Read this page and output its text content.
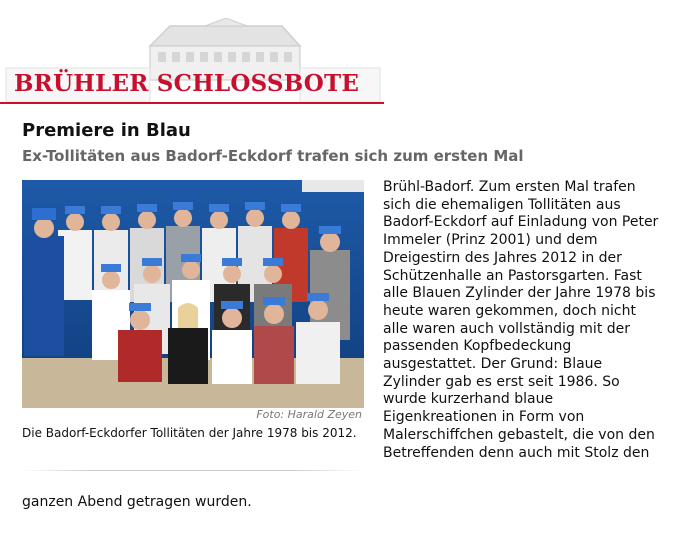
BRÜHLER SCHLOSSBOTE
Premiere in Blau
Ex-Tollitäten aus Badorf-Eckdorf trafen sich zum ersten Mal
Foto: Harald Zeyen
Die Badorf-Eckdorfer Tollitäten der Jahre 1978 bis 2012.
Brühl-Badorf. Zum ersten Mal trafen
sich die ehemaligen Tollitäten aus
Badorf-Eckdorf auf Einladung von Peter
Immeler (Prinz 2001) und dem
Dreigestirn des Jahres 2012 in der
Schützenhalle an Pastorsgarten. Fast
alle Blauen Zylinder der Jahre 1978 bis
heute waren gekommen, doch nicht
alle waren auch vollständig mit der
passenden Kopfbedeckung
ausgestattet. Der Grund: Blaue
Zylinder gab es erst seit 1986. So
wurde kurzerhand blaue
Eigenkreationen in Form von
Malerschiffchen gebastelt, die von den
Betreffenden denn auch mit Stolz den
ganzen Abend getragen wurden.
